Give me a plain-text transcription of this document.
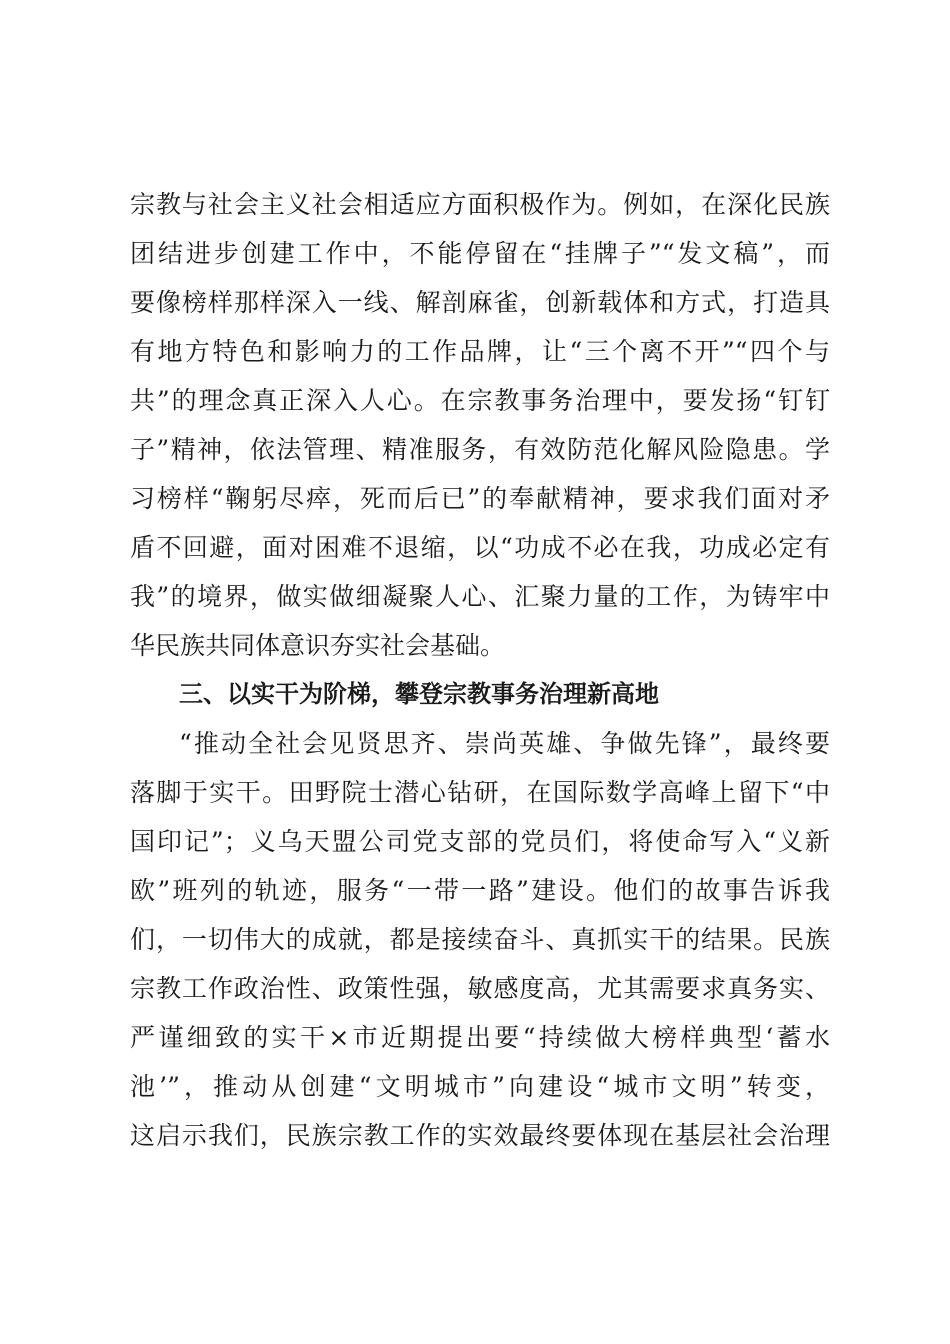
宗教与社会主义社会相适应方面积极作为。例如，在深化民族
团结进步创建工作中，不能停留在“挂牌子”“发文稿”，而
要像榜样那样深入一线、解剖麻雀，创新载体和方式，打造具
有地方特色和影响力的工作品牌，让“三个离不开”“四个与
共”的理念真正深入人心。在宗教事务治理中，要发扬“钉钉
子”精神，依法管理、精准服务，有效防范化解风险隐患。学
习榜样“鞠躬尽瘁，死而后已”的奉献精神，要求我们面对矛
盾不回避，面对困难不退缩，以“功成不必在我，功成必定有
我”的境界，做实做细凝聚人心、汇聚力量的工作，为铸牢中
华民族共同体意识夯实社会基础。
三、以实干为阶梯，攀登宗教事务治理新高地
“推动全社会见贤思齐、崇尚英雄、争做先锋”，最终要
落脚于实干。田野院士潜心钻研，在国际数学高峰上留下“中
国印记”；义乌天盟公司党支部的党员们，将使命写入“义新
欧”班列的轨迹，服务“一带一路”建设。他们的故事告诉我
们，一切伟大的成就，都是接续奋斗、真抓实干的结果。民族
宗教工作政治性、政策性强，敏感度高，尤其需要求真务实、
严谨细致的实干×市近期提出要“持续做大榜样典型‘蓄水
池’”，推动从创建“文明城市”向建设“城市文明”转变，
这启示我们，民族宗教工作的实效最终要体现在基层社会治理
